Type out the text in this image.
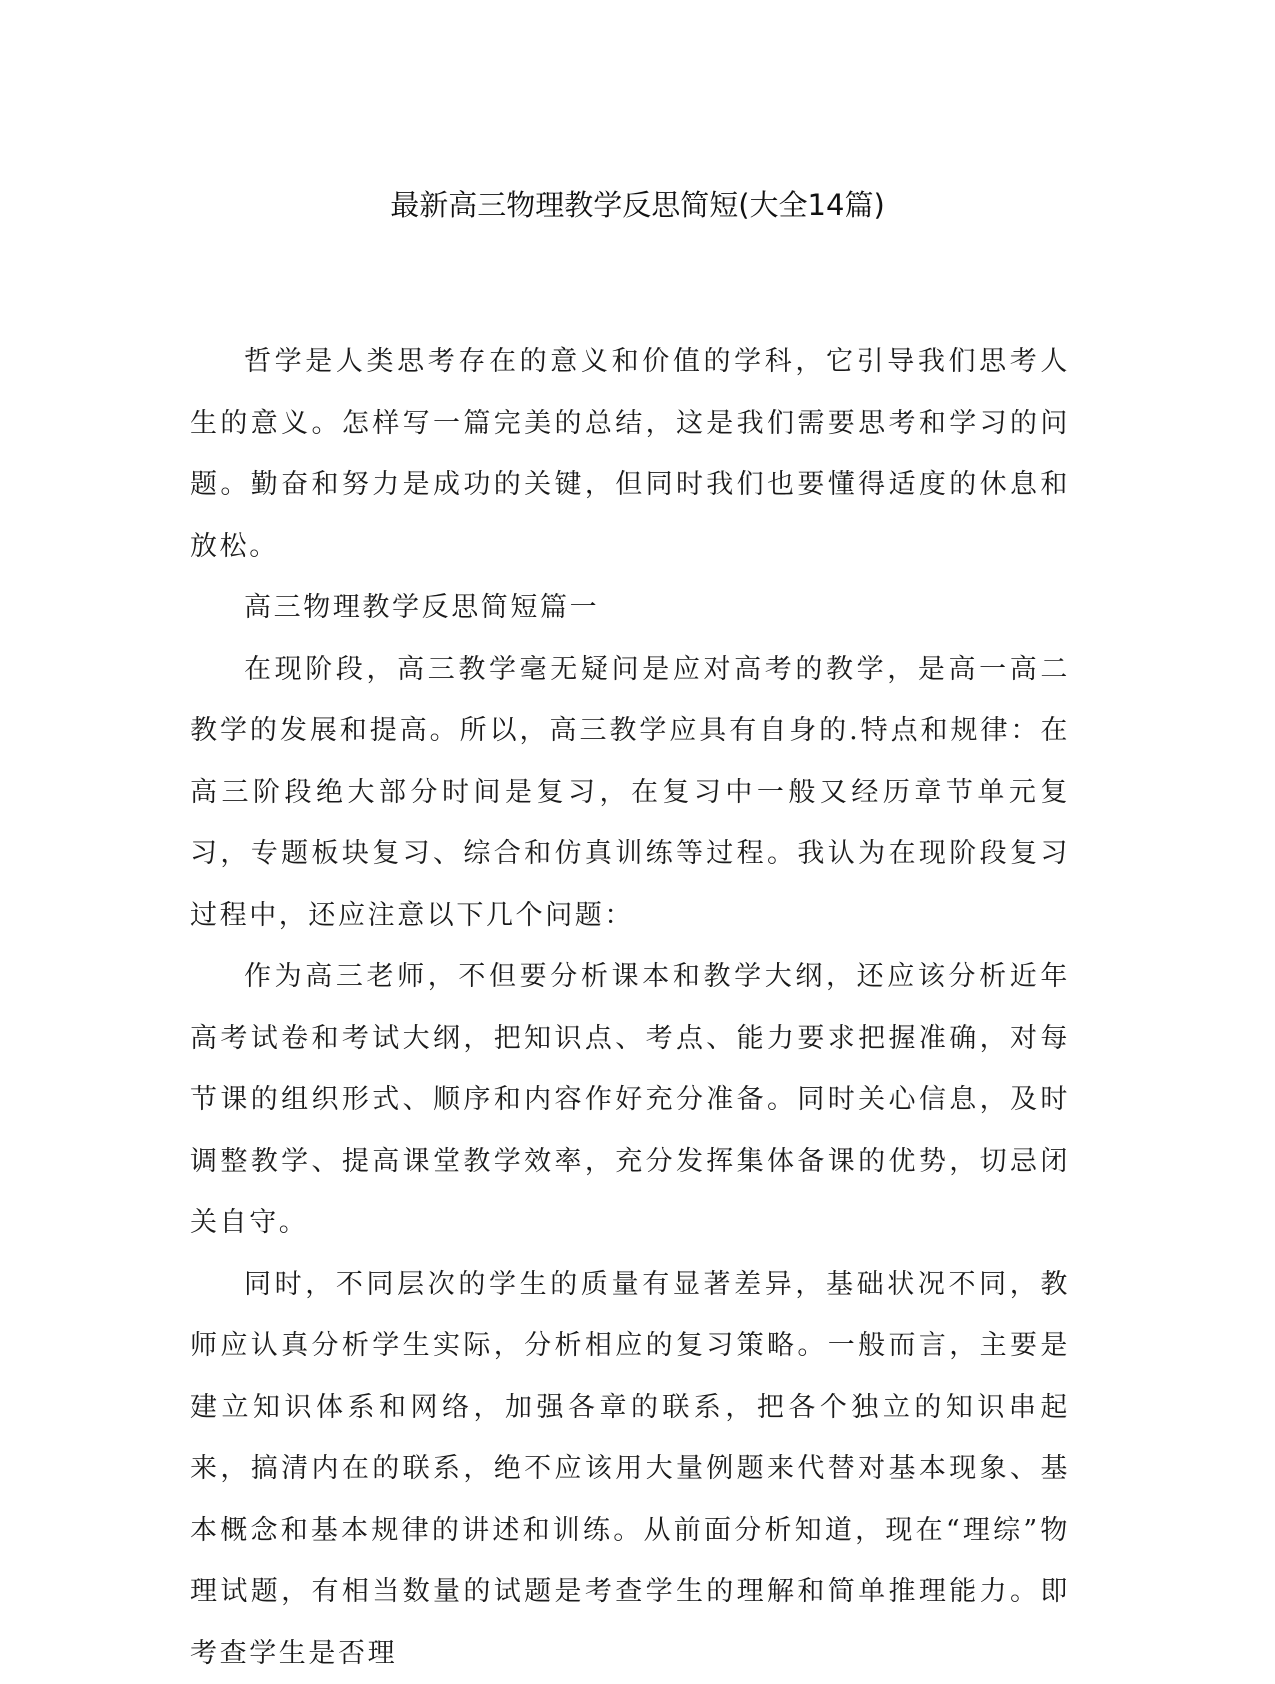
最新高三物理教学反思简短(大全14篇)

哲学是人类思考存在的意义和价值的学科，它引导我们思考人生的意义。怎样写一篇完美的总结，这是我们需要思考和学习的问题。勤奋和努力是成功的关键，但同时我们也要懂得适度的休息和放松。

高三物理教学反思简短篇一

在现阶段，高三教学毫无疑问是应对高考的教学，是高一高二教学的发展和提高。所以，高三教学应具有自身的.特点和规律：在高三阶段绝大部分时间是复习，在复习中一般又经历章节单元复习，专题板块复习、综合和仿真训练等过程。我认为在现阶段复习过程中，还应注意以下几个问题：

作为高三老师，不但要分析课本和教学大纲，还应该分析近年高考试卷和考试大纲，把知识点、考点、能力要求把握准确，对每节课的组织形式、顺序和内容作好充分准备。同时关心信息，及时调整教学、提高课堂教学效率，充分发挥集体备课的优势，切忌闭关自守。

同时，不同层次的学生的质量有显著差异，基础状况不同，教师应认真分析学生实际，分析相应的复习策略。一般而言，主要是建立知识体系和网络，加强各章的联系，把各个独立的知识串起来，搞清内在的联系，绝不应该用大量例题来代替对基本现象、基本概念和基本规律的讲述和训练。从前面分析知道，现在“理综”物理试题，有相当数量的试题是考查学生的理解和简单推理能力。即考查学生是否理
